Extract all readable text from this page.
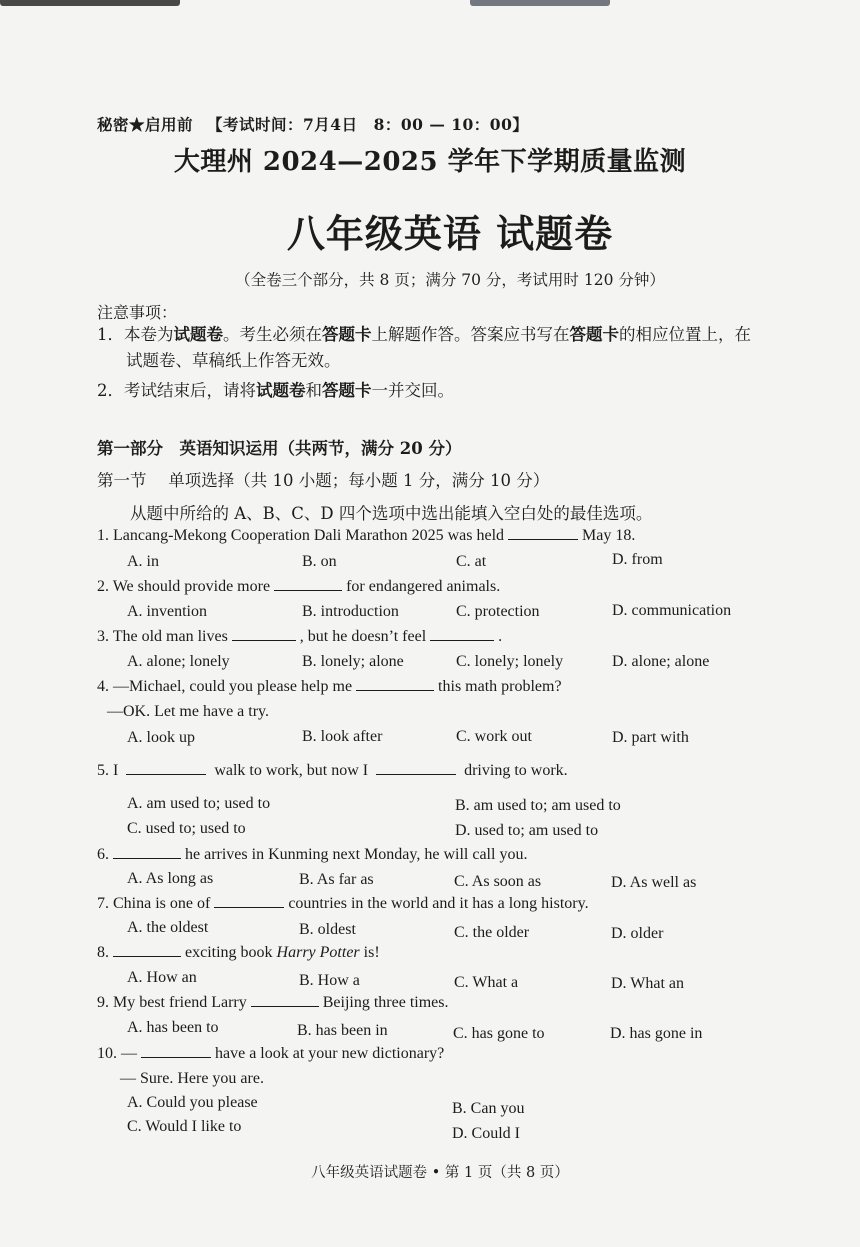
秘密★启用前 【考试时间：7月4日　8：00 — 10：00】
大理州 2024—2025 学年下学期质量监测
八年级英语 试题卷
（全卷三个部分，共 8 页；满分 70 分，考试用时 120 分钟）
注意事项：
1．本卷为试题卷。考生必须在答题卡上解题作答。答案应书写在答题卡的相应位置上，在
试题卷、草稿纸上作答无效。
2．考试结束后，请将试题卷和答题卡一并交回。
第一部分　英语知识运用（共两节，满分 20 分）
第一节　 单项选择（共 10 小题；每小题 1 分，满分 10 分）
从题中所给的 A、B、C、D 四个选项中选出能填入空白处的最佳选项。
1. Lancang-Mekong Cooperation Dali Marathon 2025 was held	May 18.
A. in	B. on	C. at	D. from
2. We should provide more	for endangered animals.
A. invention	B. introduction	C. protection	D. communication
3. The old man lives	, but he doesn’t feel	.
A. alone; lonely	B. lonely; alone	C. lonely; lonely	D. alone; alone
4. —Michael, could you please help me	this math problem?
—OK. Let me have a try.
A. look up	B. look after	C. work out	D. part with
5. I	walk to work, but now I	driving to work.
A. am used to; used to	B. am used to; am used to
C. used to; used to	D. used to; am used to
6.	he arrives in Kunming next Monday, he will call you.
A. As long as	B. As far as	C. As soon as	D. As well as
7. China is one of	countries in the world and it has a long history.
A. the oldest	B. oldest	C. the older	D. older
8.	exciting book Harry Potter is!
A. How an	B. How a	C. What a	D. What an
9. My best friend Larry	Beijing three times.
A. has been to	B. has been in	C. has gone to	D. has gone in
10. —	have a look at your new dictionary?
— Sure. Here you are.
A. Could you please	B. Can you
C. Would I like to	D. Could I
八年级英语试题卷 • 第 1 页（共 8 页）
